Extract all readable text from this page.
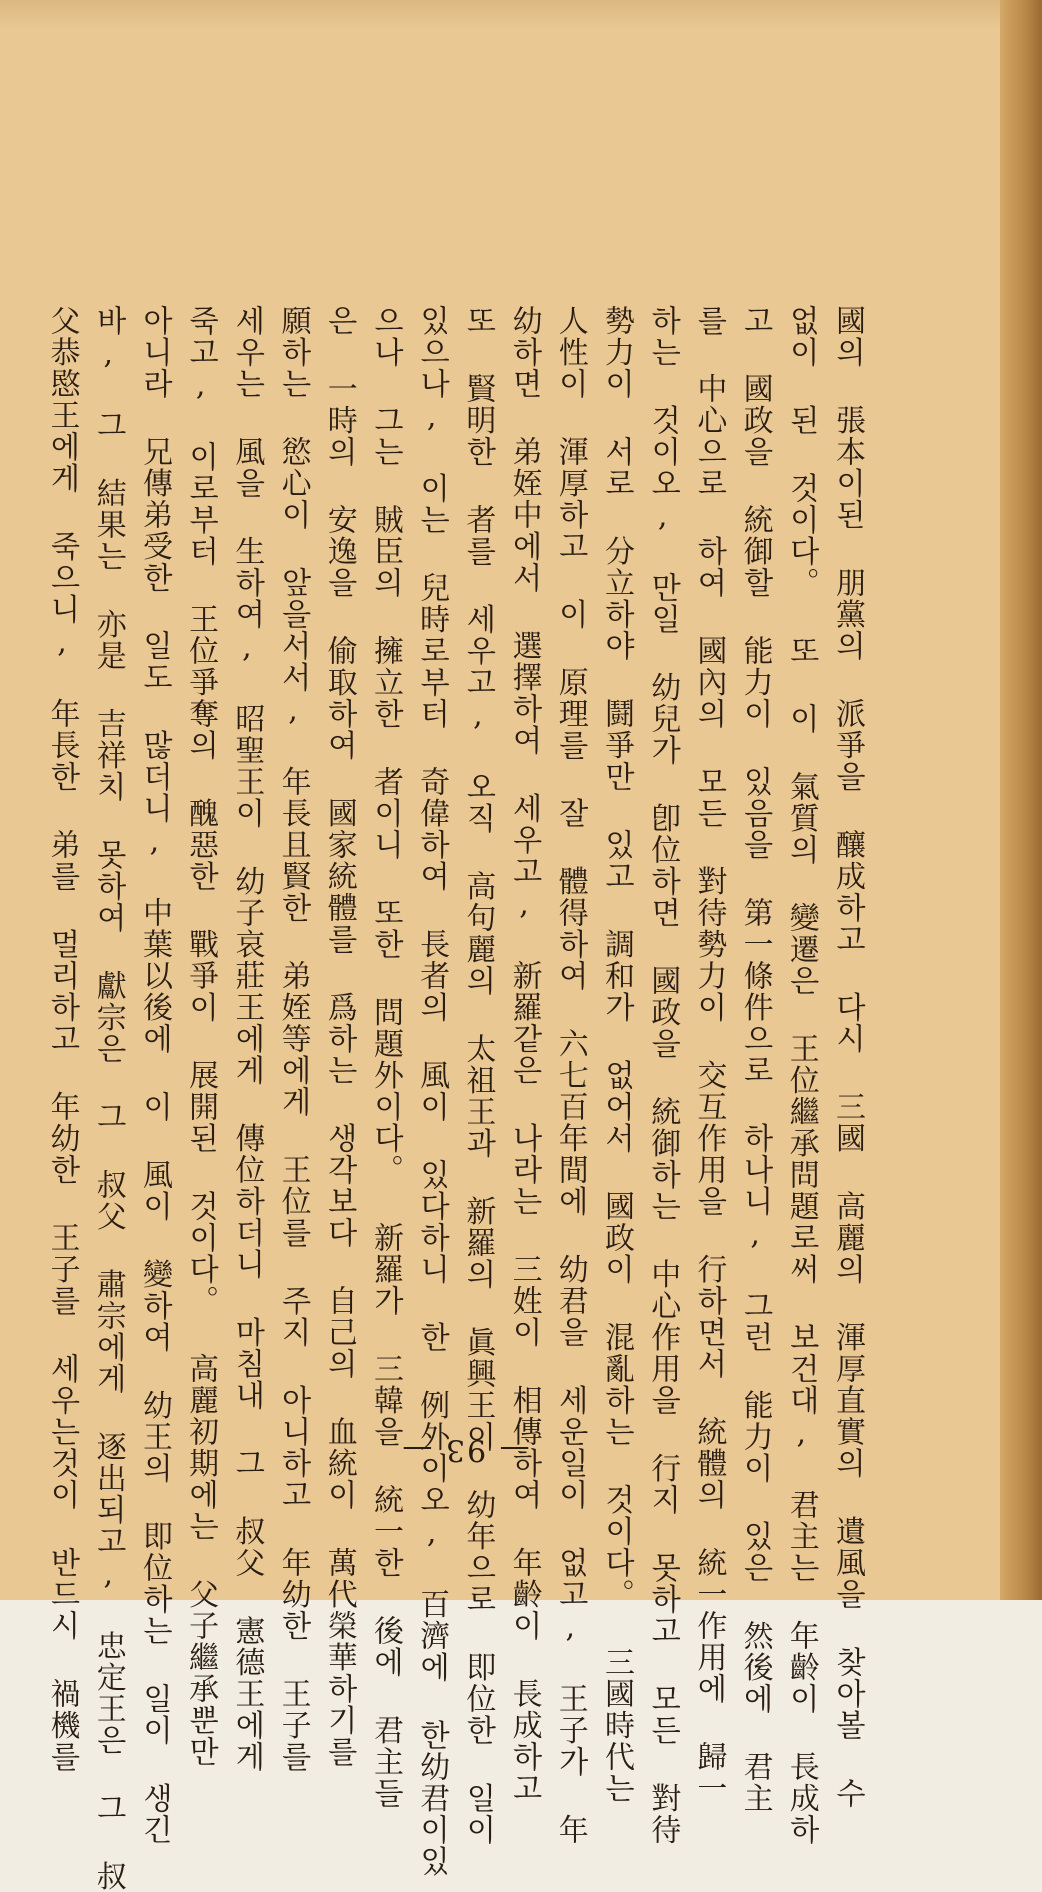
國의 張本이된 朋黨의 派爭을 釀成하고 다시 三國 高麗의 渾厚直實의 遺風을 찾아볼 수

없이 된 것이다。 또 이 氣質의 變遷은 王位繼承問題로써 보건대, 君主는 年齡이 長成하

고 國政을 統御할 能力이 있음을 第一條件으로 하나니, 그런 能力이 있은 然後에 君主

를 中心으로 하여 國內의 모든 對待勢力이 交互作用을 行하면서 統體의 統一作用에 歸一

하는 것이오, 만일 幼兒가 卽位하면 國政을 統御하는 中心作用을 行지 못하고 모든 對待

勢力이 서로 分立하야 鬪爭만 있고 調和가 없어서 國政이 混亂하는 것이다。 三國時代는

人性이 渾厚하고 이 原理를 잘 體得하여 六七百年間에 幼君을 세운일이 없고, 王子가 年

幼하면 弟姪中에서 選擇하여 세우고, 新羅같은 나라는 三姓이 相傳하여 年齡이 長成하고

또 賢明한 者를 세우고, 오직 高句麗의 太祖王과 新羅의 眞興王이 幼年으로 即位한 일이

있으나, 이는 兒時로부터 奇偉하여 長者의 風이 있다하니 한 例外이오, 百濟에 한幼君이있

으나 그는 賊臣의 擁立한 者이니 또한 問題外이다。 新羅가 三韓을 統一한 後에 君主들

은 一時의 安逸을 偷取하여 國家統體를 爲하는 생각보다 自己의 血統이 萬代榮華하기를

願하는 慾心이 앞을서서, 年長且賢한 弟姪等에게 王位를 주지 아니하고 年幼한 王子를

세우는 風을 生하여, 昭聖王이 幼子哀莊王에게 傳位하더니 마침내 그 叔父 憲德王에게

죽고, 이로부터 王位爭奪의 醜惡한 戰爭이 展開된 것이다。 高麗初期에는 父子繼承뿐만

아니라 兄傳弟受한 일도 많더니, 中葉以後에 이 風이 變하여 幼王의 即位하는 일이 생긴

바, 그 結果는 亦是 吉祥치 못하여 獻宗은 그 叔父 肅宗에게 逐出되고, 忠定王은 그 叔

父恭愍王에게 죽으니, 年長한 弟를 멀리하고 年幼한 王子를 세우는것이 반드시 禍機를	— 93 —
